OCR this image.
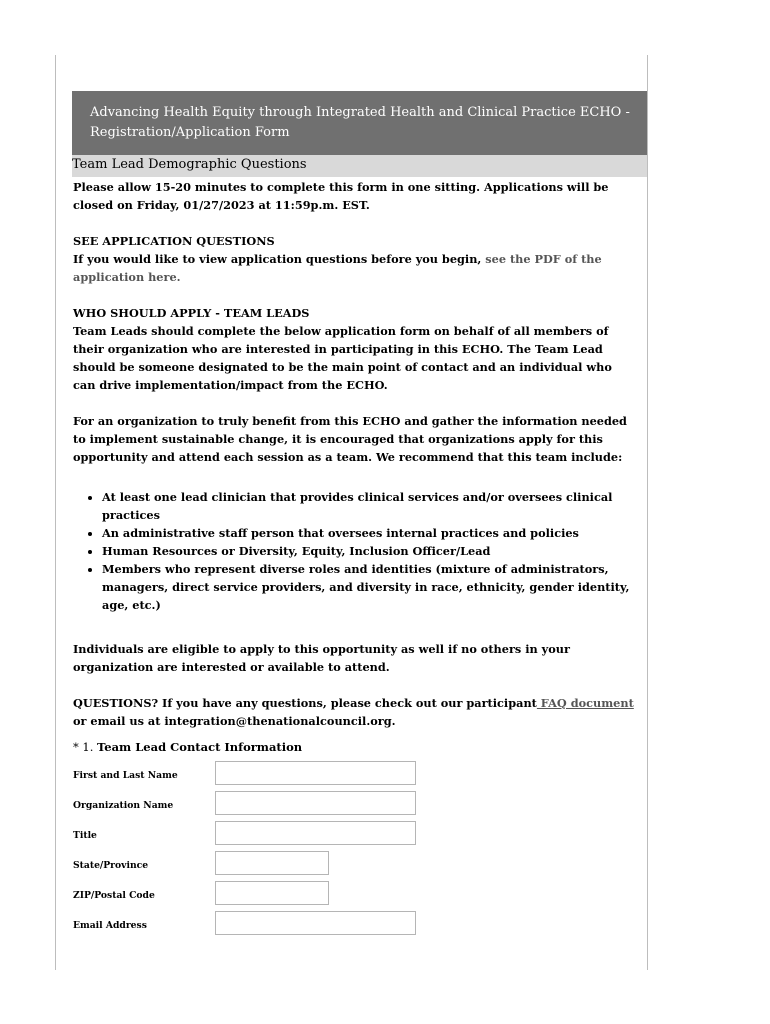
Advancing Health Equity through Integrated Health and Clinical Practice ECHO -
Registration/Application Form
Team Lead Demographic Questions

Please allow 15-20 minutes to complete this form in one sitting. Applications will be closed on Friday, 01/27/2023 at 11:59p.m. EST.

SEE APPLICATION QUESTIONS

If you would like to view application questions before you begin, see the PDF of the application here.

WHO SHOULD APPLY - TEAM LEADS

Team Leads should complete the below application form on behalf of all members of their organization who are interested in participating in this ECHO. The Team Lead should be someone designated to be the main point of contact and an individual who can drive implementation/impact from the ECHO.

For an organization to truly benefit from this ECHO and gather the information needed to implement sustainable change, it is encouraged that organizations apply for this opportunity and attend each session as a team. We recommend that this team include:

• At least one lead clinician that provides clinical services and/or oversees clinical practices
• An administrative staff person that oversees internal practices and policies
• Human Resources or Diversity, Equity, Inclusion Officer/Lead
• Members who represent diverse roles and identities (mixture of administrators, managers, direct service providers, and diversity in race, ethnicity, gender identity, age, etc.)

Individuals are eligible to apply to this opportunity as well if no others in your organization are interested or available to attend.

QUESTIONS? If you have any questions, please check out our participant FAQ document or email us at integration@thenationalcouncil.org.

* 1. Team Lead Contact Information
First and Last Name
Organization Name
Title
State/Province
ZIP/Postal Code
Email Address
